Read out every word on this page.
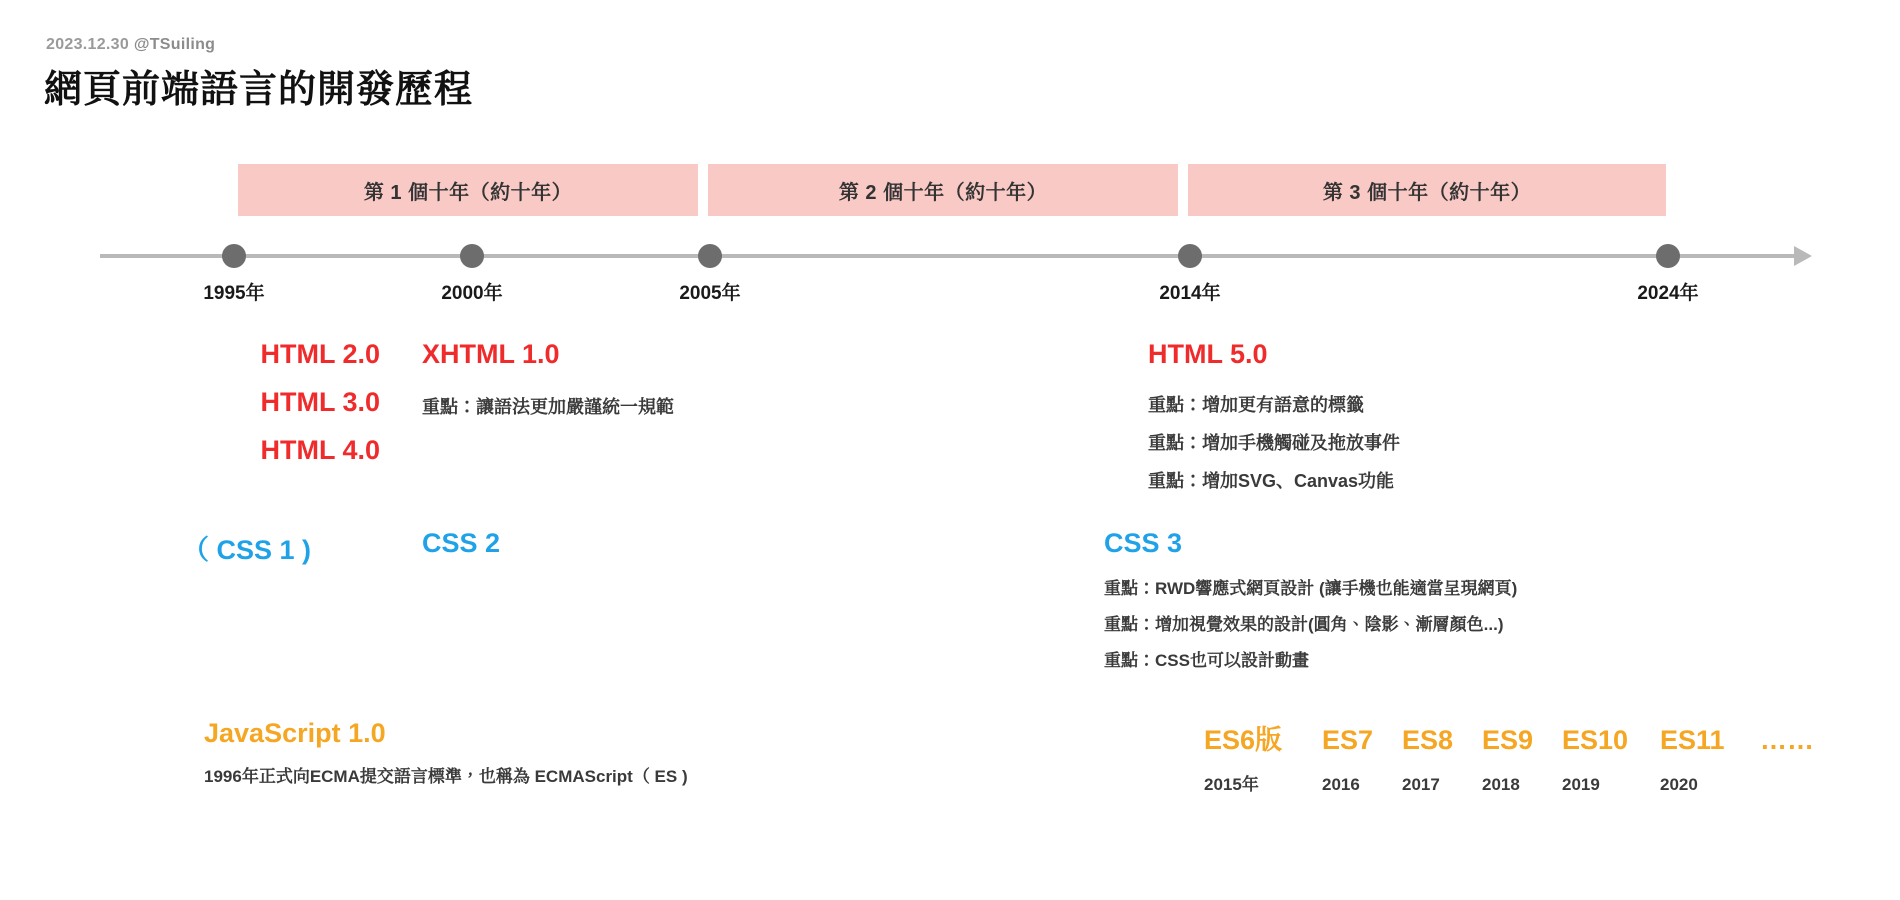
2023.12.30 @TSuiling
網頁前端語言的開發歷程
第 1 個十年（約十年）	第 2 個十年（約十年）	第 3 個十年（約十年）
1995年	2000年	2005年	2014年	2024年
HTML 2.0
HTML 3.0
HTML 4.0
XHTML 1.0
重點：讓語法更加嚴謹統一規範
HTML 5.0
重點：增加更有語意的標籤
重點：增加手機觸碰及拖放事件
重點：增加SVG、Canvas功能
（ CSS 1 )	CSS 2	CSS 3
重點：RWD響應式網頁設計 (讓手機也能適當呈現網頁)
重點：增加視覺效果的設計(圓角、陰影、漸層顏色...)
重點：CSS也可以設計動畫
JavaScript 1.0
1996年正式向ECMA提交語言標準，也稱為 ECMAScript（ ES )
ES6版	ES7	ES8	ES9	ES10	ES11	……
2015年	2016	2017	2018	2019	2020
